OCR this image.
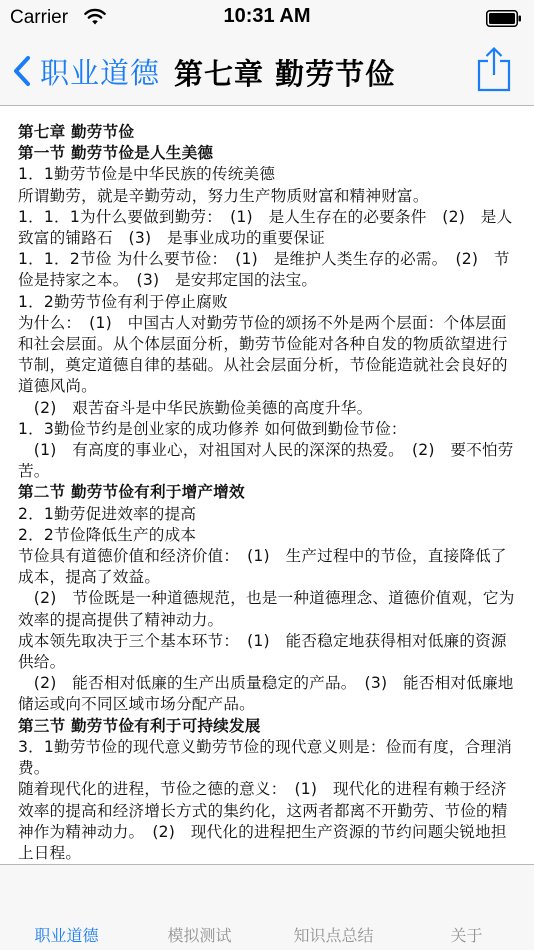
Carrier	10:31 AM
职业道德 第七章 勤劳节俭

第七章 勤劳节俭

第一节 勤劳节俭是人生美德

1．1勤劳节俭是中华民族的传统美德

所谓勤劳，就是辛勤劳动，努力生产物质财富和精神财富。

1．1．1为什么要做到勤劳：　(1)　是人生存在的必要条件　(2)　是人致富的铺路石　(3)　是事业成功的重要保证

1．1．2节俭 为什么要节俭：　(1)　是维护人类生存的必需。　(2)　节俭是持家之本。　(3)　是安邦定国的法宝。

1．2勤劳节俭有利于停止腐败

为什么：　(1)　中国古人对勤劳节俭的颂扬不外是两个层面：个体层面和社会层面。从个体层面分析，勤劳节俭能对各种自发的物质欲望进行节制，奠定道德自律的基础。从社会层面分析，节俭能造就社会良好的道德风尚。

　(2)　艰苦奋斗是中华民族勤俭美德的高度升华。

1．3勤俭节约是创业家的成功修养 如何做到勤俭节俭：

　(1)　有高度的事业心，对祖国对人民的深深的热爱。　(2)　要不怕劳苦。

第二节 勤劳节俭有利于增产增效

2．1勤劳促进效率的提高

2．2节俭降低生产的成本

节俭具有道德价值和经济价值：　(1)　生产过程中的节俭，直接降低了成本，提高了效益。

　(2)　节俭既是一种道德规范，也是一种道德理念、道德价值观，它为效率的提高提供了精神动力。

成本领先取决于三个基本环节：　(1)　能否稳定地获得相对低廉的资源供给。

　(2)　能否相对低廉的生产出质量稳定的产品。　(3)　能否相对低廉地储运或向不同区域市场分配产品。

第三节 勤劳节俭有利于可持续发展

3．1勤劳节俭的现代意义勤劳节俭的现代意义则是：俭而有度，合理消费。

随着现代化的进程，节俭之德的意义：　(1)　现代化的进程有赖于经济效率的提高和经济增长方式的集约化，这两者都离不开勤劳、节俭的精神作为精神动力。　(2)　现代化的进程把生产资源的节约问题尖锐地担上日程。

职业道德	模拟测试	知识点总结	关于
